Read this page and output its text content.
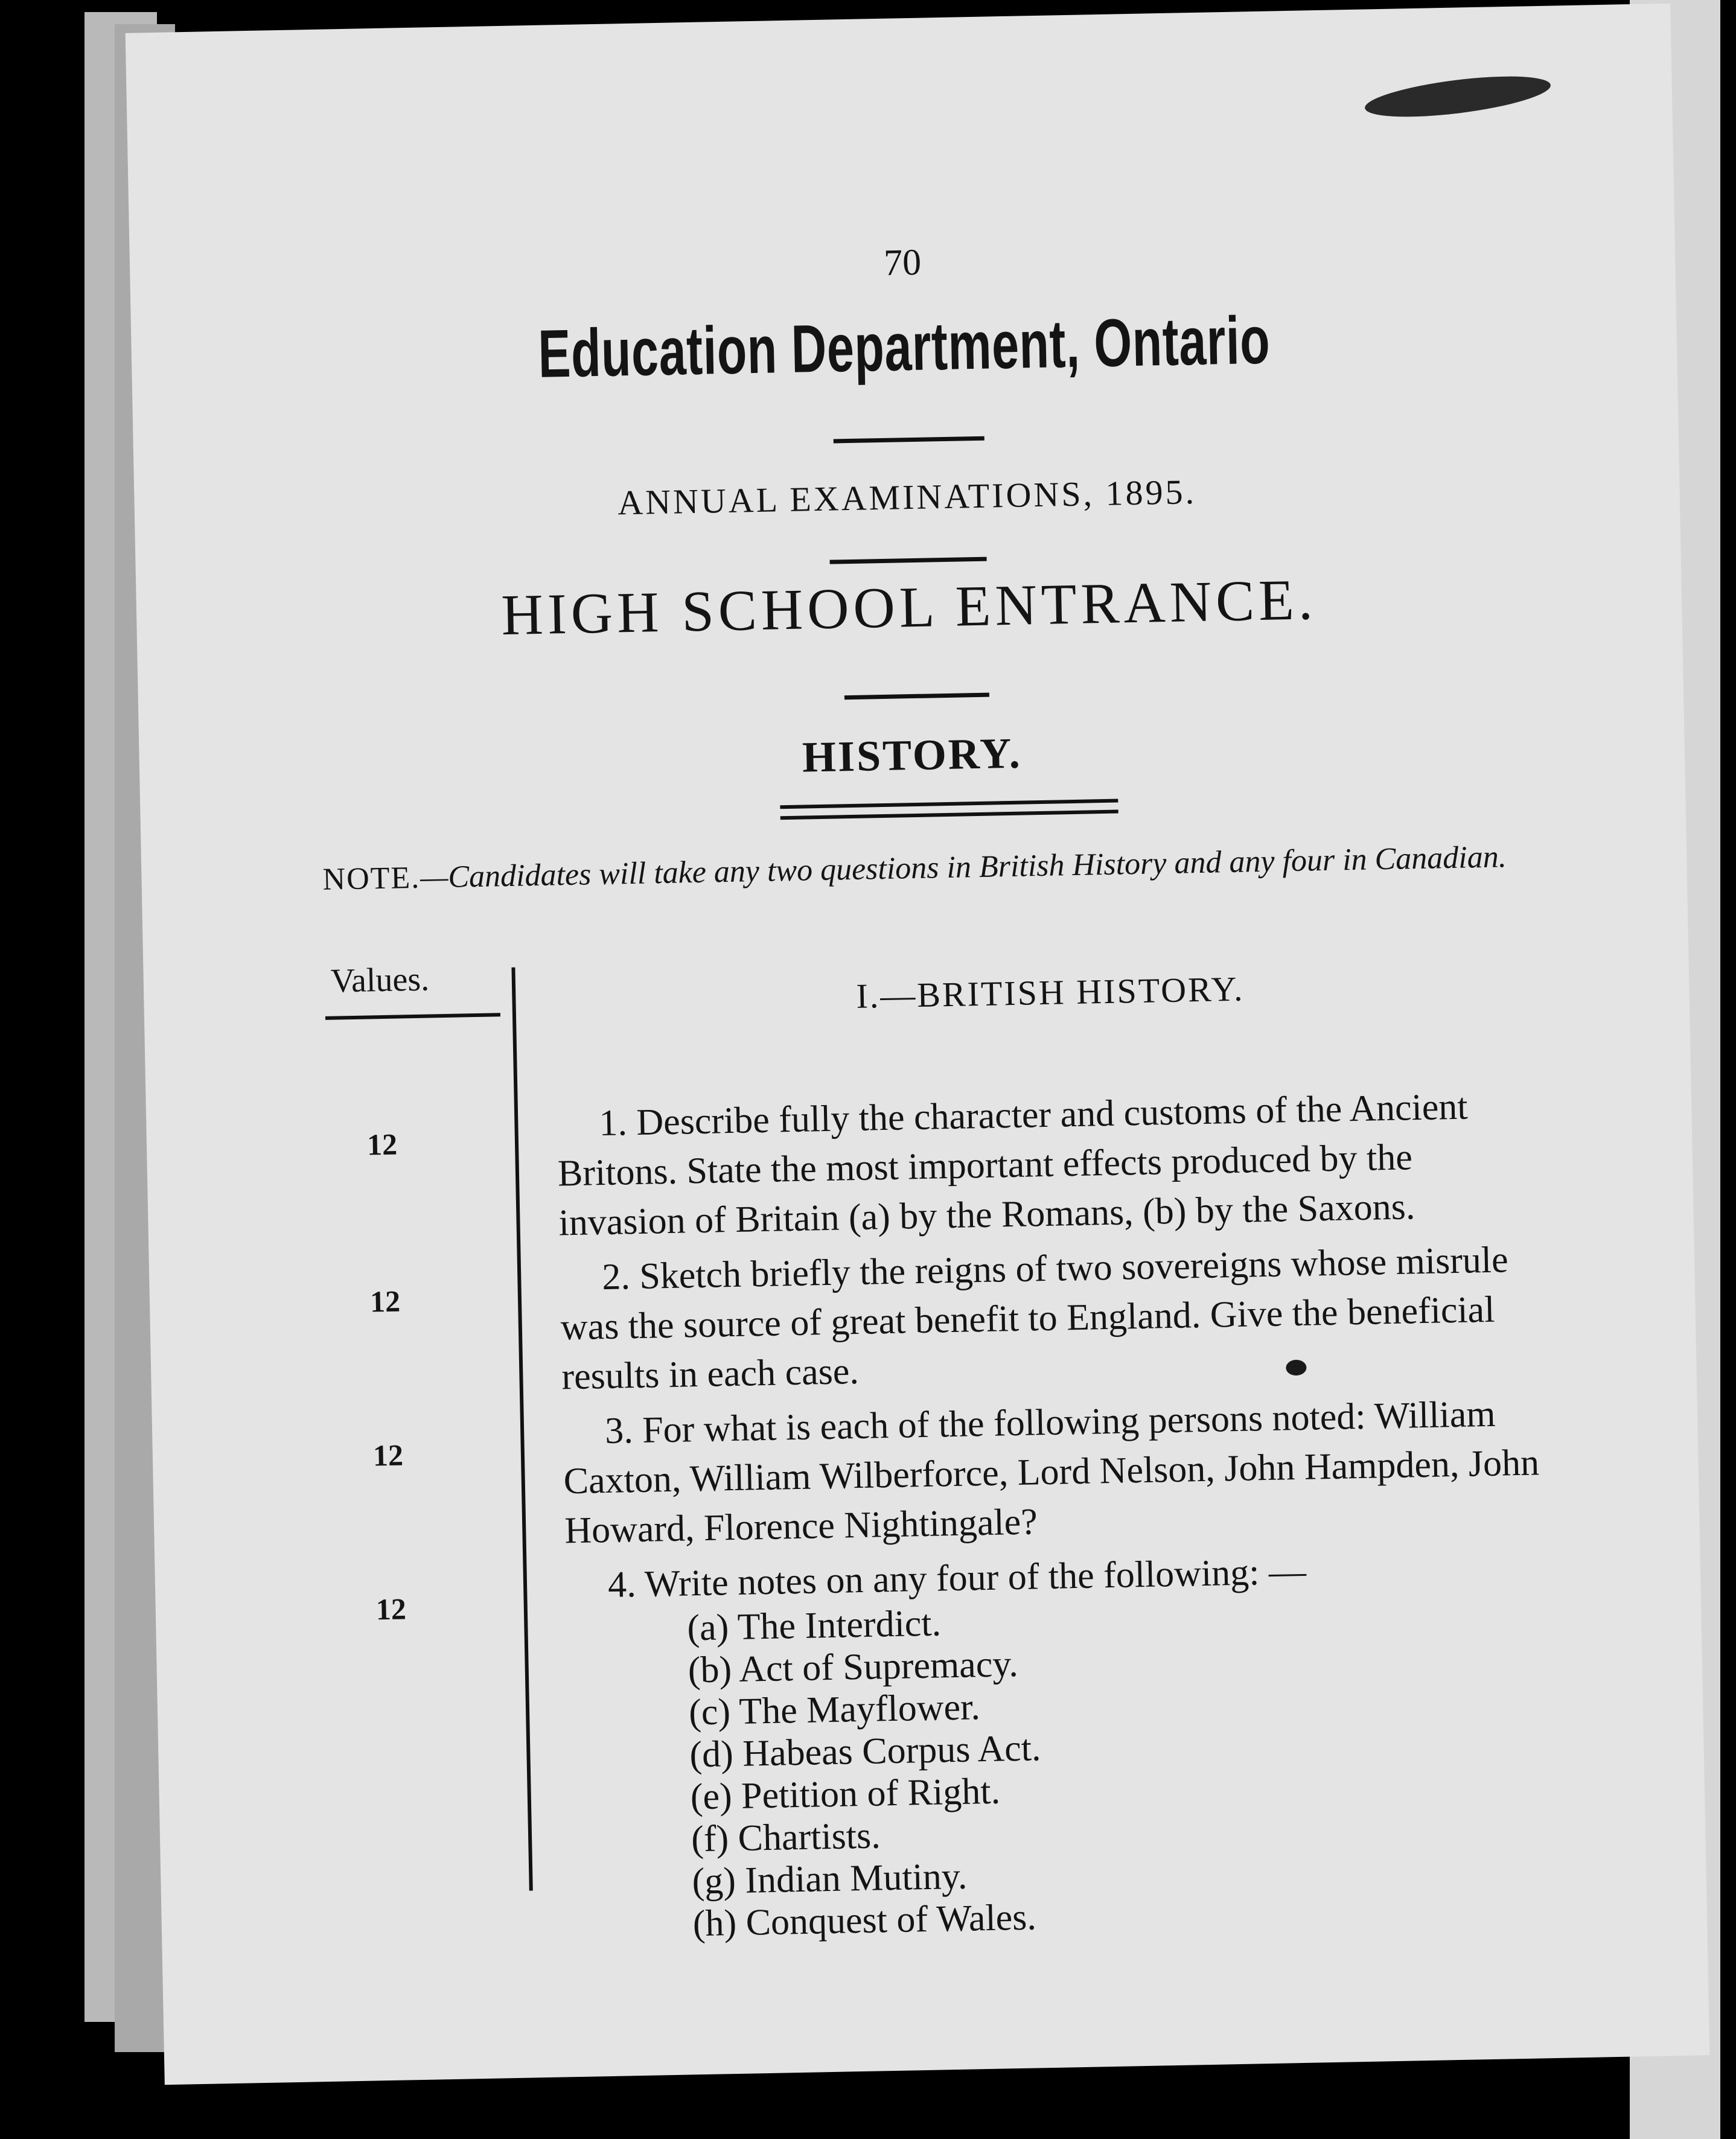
70
Education Department, Ontario
ANNUAL EXAMINATIONS, 1895.
HIGH SCHOOL ENTRANCE.
HISTORY.
NOTE.—Candidates will take any two questions in British History and any four in Canadian.
Values.	I.—BRITISH HISTORY.
12
1. Describe fully the character and customs of the Ancient Britons. State the most important effects produced by the invasion of Britain (a) by the Romans, (b) by the Saxons.
12
2. Sketch briefly the reigns of two sovereigns whose misrule was the source of great benefit to England. Give the beneficial results in each case.
12
3. For what is each of the following persons noted: William Caxton, William Wilberforce, Lord Nelson, John Hampden, John Howard, Florence Nightingale?
12
4. Write notes on any four of the following: —
(a) The Interdict.
(b) Act of Supremacy.
(c) The Mayflower.
(d) Habeas Corpus Act.
(e) Petition of Right.
(f) Chartists.
(g) Indian Mutiny.
(h) Conquest of Wales.
